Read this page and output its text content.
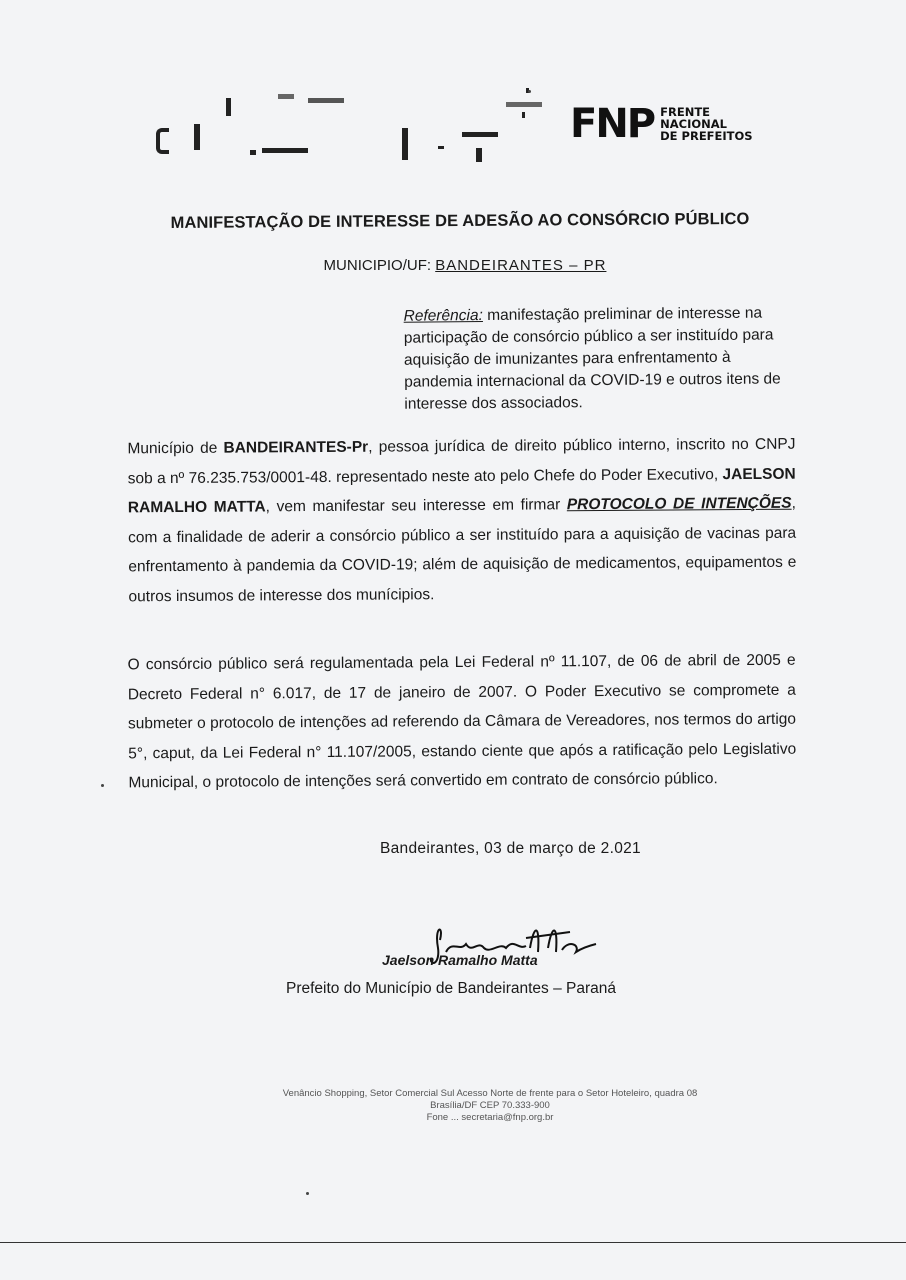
FNP FRENTE
NACIONAL
DE PREFEITOS
MANIFESTAÇÃO DE INTERESSE DE ADESÃO AO CONSÓRCIO PÚBLICO
MUNICIPIO/UF: BANDEIRANTES – PR
Referência: manifestação preliminar de interesse na participação de consórcio público a ser instituído para aquisição de imunizantes para enfrentamento à pandemia internacional da COVID-19 e outros itens de interesse dos associados.
Município de BANDEIRANTES-Pr, pessoa jurídica de direito público interno, inscrito no CNPJ sob a nº 76.235.753/0001-48. representado neste ato pelo Chefe do Poder Executivo, JAELSON RAMALHO MATTA, vem manifestar seu interesse em firmar PROTOCOLO DE INTENÇÕES, com a finalidade de aderir a consórcio público a ser instituído para a aquisição de vacinas para enfrentamento à pandemia da COVID-19; além de aquisição de medicamentos, equipamentos e outros insumos de interesse dos munícipios.
O consórcio público será regulamentada pela Lei Federal nº 11.107, de 06 de abril de 2005 e Decreto Federal n° 6.017, de 17 de janeiro de 2007. O Poder Executivo se compromete a submeter o protocolo de intenções ad referendo da Câmara de Vereadores, nos termos do artigo 5°, caput, da Lei Federal n° 11.107/2005, estando ciente que após a ratificação pelo Legislativo Municipal, o protocolo de intenções será convertido em contrato de consórcio público.
Bandeirantes, 03 de março de 2.021
Jaelson Ramalho Matta
Prefeito do Município de Bandeirantes – Paraná
Venâncio Shopping, Setor Comercial Sul Acesso Norte de frente para o Setor Hoteleiro, quadra 08
Brasília/DF CEP 70.333-900
Fone ... secretaria@fnp.org.br
